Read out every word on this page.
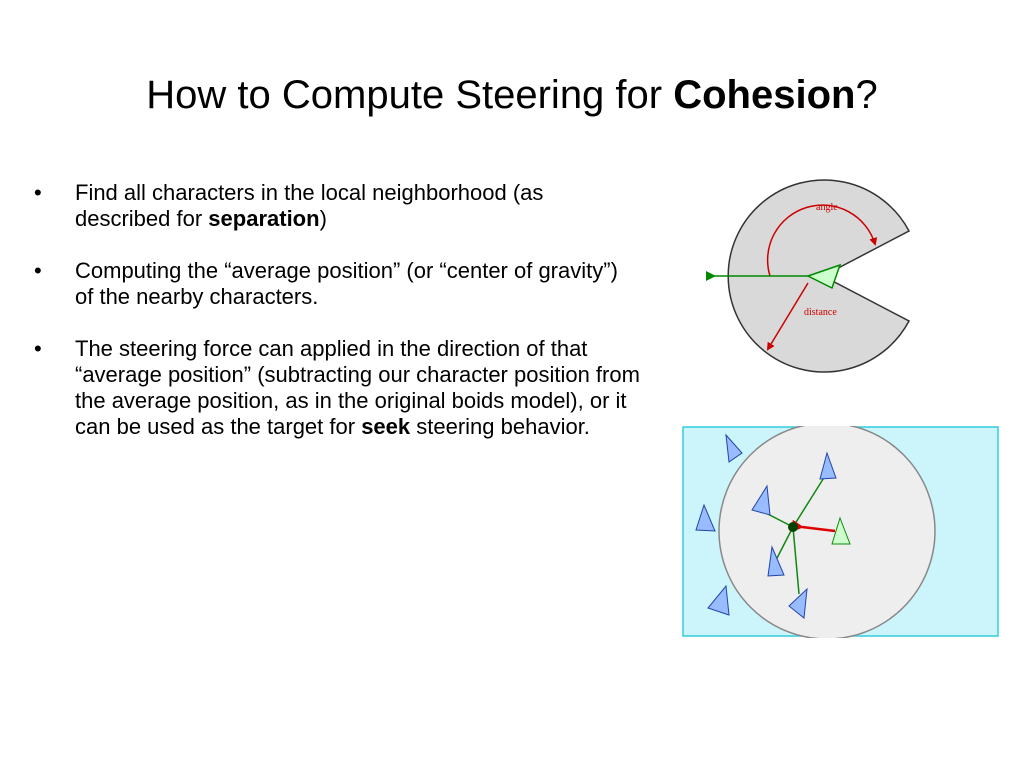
How to Compute Steering for Cohesion?
• Find all characters in the local neighborhood (as described for separation)
• Computing the “average position” (or “center of gravity”) of the nearby characters.
• The steering force can applied in the direction of that “average position” (subtracting our character position from the average position, as in the original boids model), or it can be used as the target for seek steering behavior.
angle
distance
